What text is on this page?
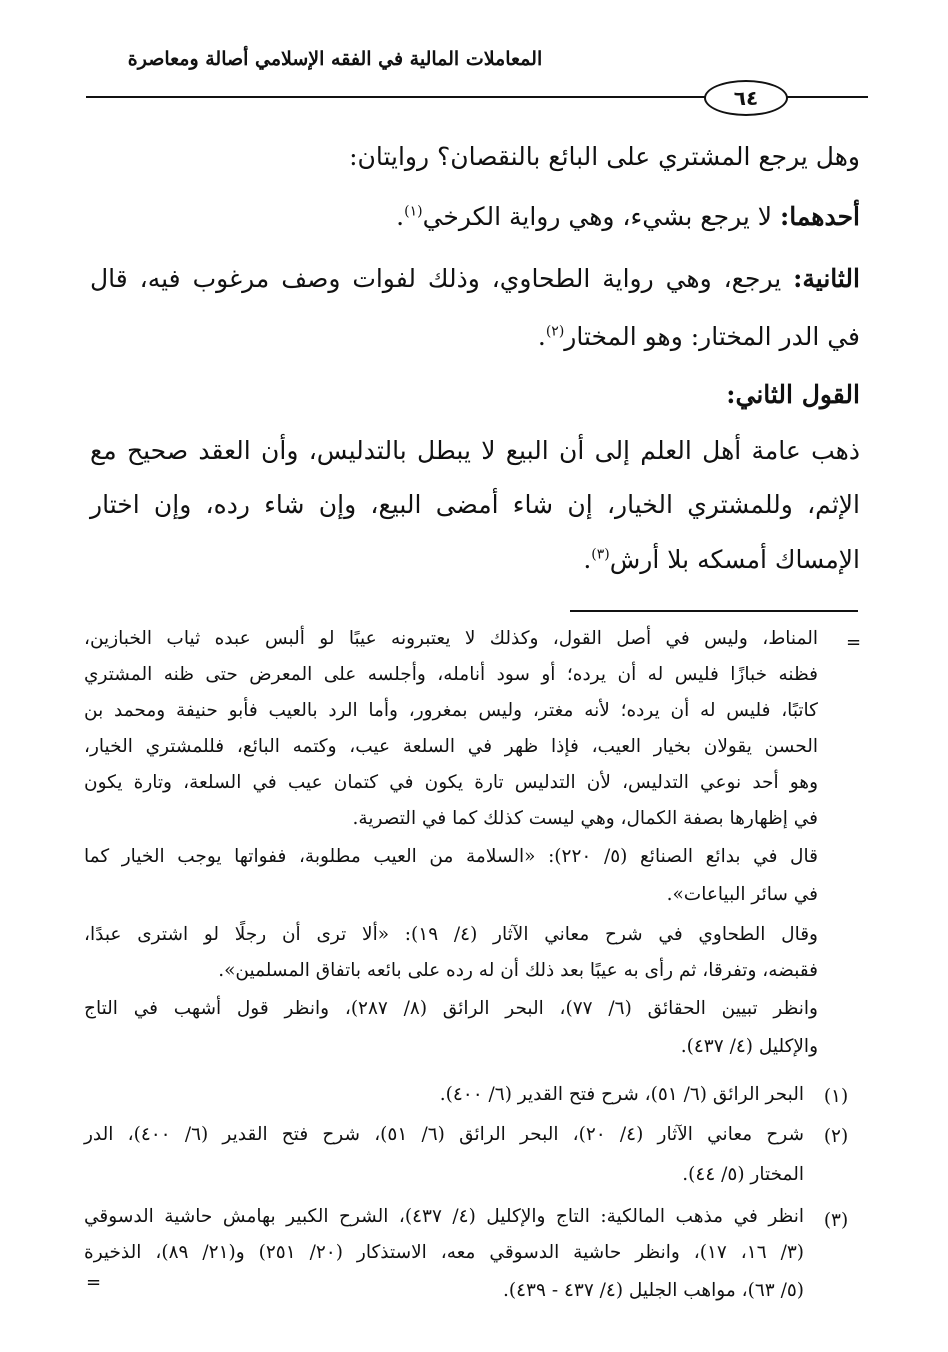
المعاملات المالية في الفقه الإسلامي أصالة ومعاصرة
٦٤
وهل يرجع المشتري على البائع بالنقصان؟ روايتان:
أحدهما: لا يرجع بشيء، وهي رواية الكرخي$^{(١)}$.
الثانية: يرجع، وهي رواية الطحاوي، وذلك لفوات وصف مرغوب فيه، قال
في الدر المختار: وهو المختار$^{(٢)}$.
القول الثاني:
ذهب عامة أهل العلم إلى أن البيع لا يبطل بالتدليس، وأن العقد صحيح مع
الإثم، وللمشتري الخيار، إن شاء أمضى البيع، وإن شاء رده، وإن اختار
الإمساك أمسكه بلا أرش$^{(٣)}$.
=
المناط، وليس في أصل القول، وكذلك لا يعتبرونه عيبًا لو ألبس عبده ثياب الخبازين،
فظنه خبازًا فليس له أن يرده؛ أو سود أنامله، وأجلسه على المعرض حتى ظنه المشتري
كاتبًا، فليس له أن يرده؛ لأنه مغتر، وليس بمغرور، وأما الرد بالعيب فأبو حنيفة ومحمد بن
الحسن يقولان بخيار العيب، فإذا ظهر في السلعة عيب، وكتمه البائع، فللمشتري الخيار،
وهو أحد نوعي التدليس، لأن التدليس تارة يكون في كتمان عيب في السلعة، وتارة يكون
في إظهارها بصفة الكمال، وهي ليست كذلك كما في التصرية.
قال في بدائع الصنائع (٥/ ٢٢٠): «السلامة من العيب مطلوبة، ففواتها يوجب الخيار كما
في سائر البياعات».
وقال الطحاوي في شرح معاني الآثار (٤/ ١٩): «ألا ترى أن رجلًا لو اشترى عبدًا،
فقبضه، وتفرقا، ثم رأى به عيبًا بعد ذلك أن له رده على بائعه باتفاق المسلمين».
وانظر تبيين الحقائق (٦/ ٧٧)، البحر الرائق (٨/ ٢٨٧)، وانظر قول أشهب في التاج
والإكليل (٤/ ٤٣٧).
(١)
البحر الرائق (٦/ ٥١)، شرح فتح القدير (٦/ ٤٠٠).
(٢)
شرح معاني الآثار (٤/ ٢٠)، البحر الرائق (٦/ ٥١)، شرح فتح القدير (٦/ ٤٠٠)، الدر
المختار (٥/ ٤٤).
(٣)
انظر في مذهب المالكية: التاج والإكليل (٤/ ٤٣٧)، الشرح الكبير بهامش حاشية الدسوقي
(٣/ ١٦، ١٧)، وانظر حاشية الدسوقي معه، الاستذكار (٢٠/ ٢٥١) و(٢١/ ٨٩)، الذخيرة
(٥/ ٦٣)، مواهب الجليل (٤/ ٤٣٧ - ٤٣٩).
=
